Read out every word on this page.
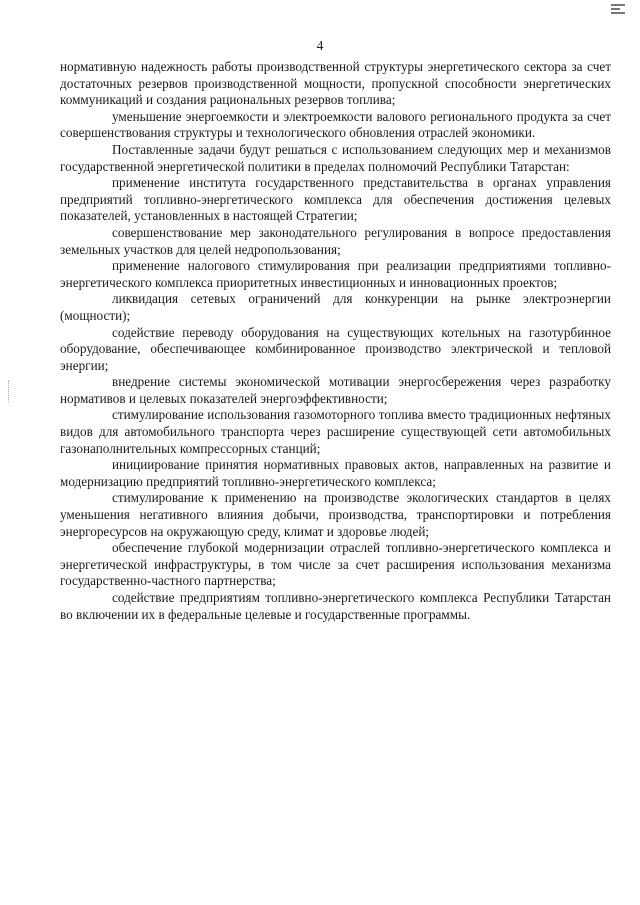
4

нормативную надежность работы производственной структуры энергетического сектора за счет достаточных резервов производственной мощности, пропускной способности энергетических коммуникаций и создания рациональных резервов топлива;

уменьшение энергоемкости и электроемкости валового регионального продукта за счет совершенствования структуры и технологического обновления отраслей экономики.

Поставленные задачи будут решаться с использованием следующих мер и механизмов государственной энергетической политики в пределах полномочий Республики Татарстан:

применение института государственного представительства в органах управления предприятий топливно-энергетического комплекса для обеспечения достижения целевых показателей, установленных в настоящей Стратегии;

совершенствование мер законодательного регулирования в вопросе предоставления земельных участков для целей недропользования;

применение налогового стимулирования при реализации предприятиями топливно-энергетического комплекса приоритетных инвестиционных и инновационных проектов;

ликвидация сетевых ограничений для конкуренции на рынке электроэнергии (мощности);

содействие переводу оборудования на существующих котельных на газотурбинное оборудование, обеспечивающее комбинированное производство электрической и тепловой энергии;

внедрение системы экономической мотивации энергосбережения через разработку нормативов и целевых показателей энергоэффективности;

стимулирование использования газомоторного топлива вместо традиционных нефтяных видов для автомобильного транспорта через расширение существующей сети автомобильных газонаполнительных компрессорных станций;

инициирование принятия нормативных правовых актов, направленных на развитие и модернизацию предприятий топливно-энергетического комплекса;

стимулирование к применению на производстве экологических стандартов в целях уменьшения негативного влияния добычи, производства, транспортировки и потребления энергоресурсов на окружающую среду, климат и здоровье людей;

обеспечение глубокой модернизации отраслей топливно-энергетического комплекса и энергетической инфраструктуры, в том числе за счет расширения использования механизма государственно-частного партнерства;

содействие предприятиям топливно-энергетического комплекса Республики Татарстан во включении их в федеральные целевые и государственные программы.
